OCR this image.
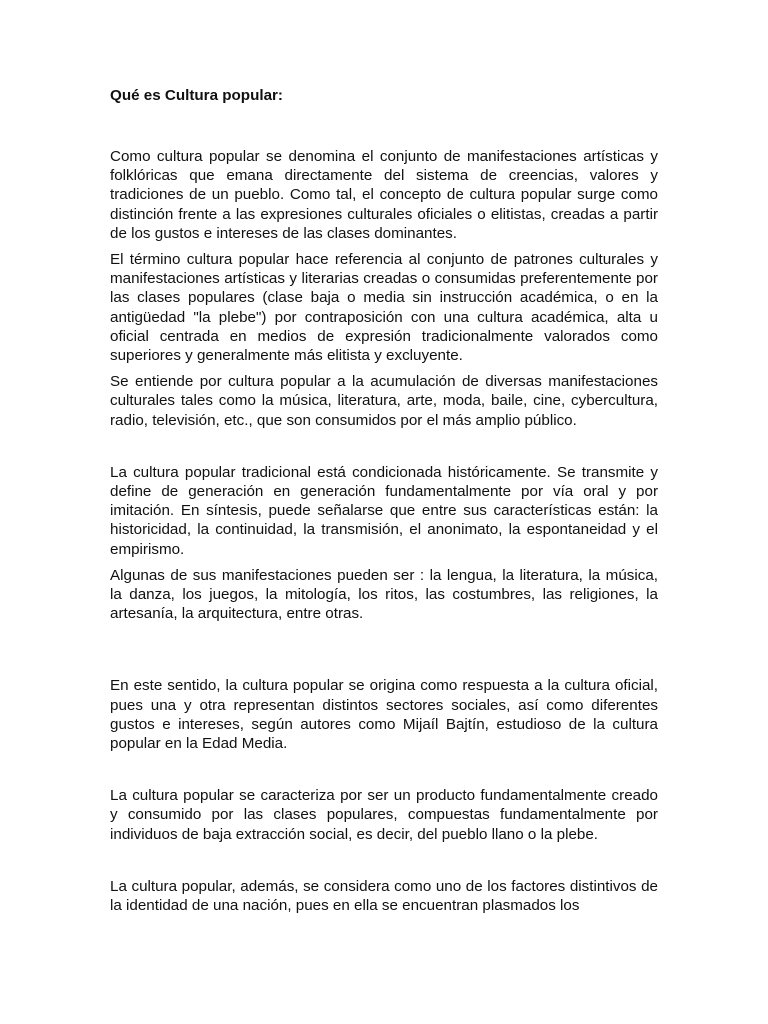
Qué es Cultura popular:

Como cultura popular se denomina el conjunto de manifestaciones artísticas y folklóricas que emana directamente del sistema de creencias, valores y tradiciones de un pueblo. Como tal, el concepto de cultura popular surge como distinción frente a las expresiones culturales oficiales o elitistas, creadas a partir de los gustos e intereses de las clases dominantes.

El término cultura popular hace referencia al conjunto de patrones culturales y manifestaciones artísticas y literarias creadas o consumidas preferentemente por las clases populares (clase baja o media sin instrucción académica, o en la antigüedad "la plebe") por contraposición con una cultura académica, alta u oficial centrada en medios de expresión tradicionalmente valorados como superiores y generalmente más elitista y excluyente.

Se entiende por cultura popular a la acumulación de diversas manifestaciones culturales tales como la música, literatura, arte, moda, baile, cine, cybercultura, radio, televisión, etc., que son consumidos por el más amplio público.

La cultura popular tradicional está condicionada históricamente. Se transmite y define de generación en generación fundamentalmente por vía oral y por imitación. En síntesis, puede señalarse que entre sus características están: la historicidad, la continuidad, la transmisión, el anonimato, la espontaneidad y el empirismo.

Algunas de sus manifestaciones pueden ser : la lengua, la literatura, la música, la danza, los juegos, la mitología, los ritos, las costumbres, las religiones, la artesanía, la arquitectura, entre otras.

En este sentido, la cultura popular se origina como respuesta a la cultura oficial, pues una y otra representan distintos sectores sociales, así como diferentes gustos e intereses, según autores como Mijaíl Bajtín, estudioso de la cultura popular en la Edad Media.

La cultura popular se caracteriza por ser un producto fundamentalmente creado y consumido por las clases populares, compuestas fundamentalmente por individuos de baja extracción social, es decir, del pueblo llano o la plebe.

La cultura popular, además, se considera como uno de los factores distintivos de la identidad de una nación, pues en ella se encuentran plasmados los
